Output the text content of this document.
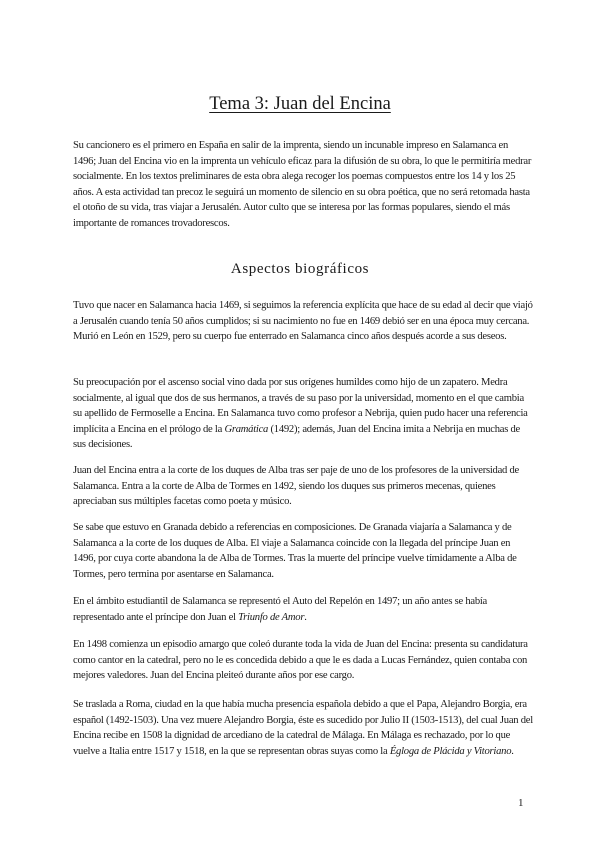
Tema 3: Juan del Encina

Su cancionero es el primero en España en salir de la imprenta, siendo un incunable impreso en Salamanca en 1496; Juan del Encina vio en la imprenta un vehículo eficaz para la difusión de su obra, lo que le permitiría medrar socialmente. En los textos preliminares de esta obra alega recoger los poemas compuestos entre los 14 y los 25 años. A esta actividad tan precoz le seguirá un momento de silencio en su obra poética, que no será retomada hasta el otoño de su vida, tras viajar a Jerusalén. Autor culto que se interesa por las formas populares, siendo el más importante de romances trovadorescos.

Aspectos biográficos

Tuvo que nacer en Salamanca hacia 1469, si seguimos la referencia explícita que hace de su edad al decir que viajó a Jerusalén cuando tenía 50 años cumplidos; si su nacimiento no fue en 1469 debió ser en una época muy cercana. Murió en León en 1529, pero su cuerpo fue enterrado en Salamanca cinco años después acorde a sus deseos.

Su preocupación por el ascenso social vino dada por sus orígenes humildes como hijo de un zapatero. Medra socialmente, al igual que dos de sus hermanos, a través de su paso por la universidad, momento en el que cambia su apellido de Fermoselle a Encina. En Salamanca tuvo como profesor a Nebrija, quien pudo hacer una referencia implícita a Encina en el prólogo de la Gramática (1492); además, Juan del Encina imita a Nebrija en muchas de sus decisiones.

Juan del Encina entra a la corte de los duques de Alba tras ser paje de uno de los profesores de la universidad de Salamanca. Entra a la corte de Alba de Tormes en 1492, siendo los duques sus primeros mecenas, quienes apreciaban sus múltiples facetas como poeta y músico.

Se sabe que estuvo en Granada debido a referencias en composiciones. De Granada viajaría a Salamanca y de Salamanca a la corte de los duques de Alba. El viaje a Salamanca coincide con la llegada del príncipe Juan en 1496, por cuya corte abandona la de Alba de Tormes. Tras la muerte del príncipe vuelve tímidamente a Alba de Tormes, pero termina por asentarse en Salamanca.

En el ámbito estudiantil de Salamanca se representó el Auto del Repelón en 1497; un año antes se había representado ante el príncipe don Juan el Triunfo de Amor.

En 1498 comienza un episodio amargo que coleó durante toda la vida de Juan del Encina: presenta su candidatura como cantor en la catedral, pero no le es concedida debido a que le es dada a Lucas Fernández, quien contaba con mejores valedores. Juan del Encina pleiteó durante años por ese cargo.

Se traslada a Roma, ciudad en la que había mucha presencia española debido a que el Papa, Alejandro Borgia, era español (1492-1503). Una vez muere Alejandro Borgia, éste es sucedido por Julio II (1503-1513), del cual Juan del Encina recibe en 1508 la dignidad de arcediano de la catedral de Málaga. En Málaga es rechazado, por lo que vuelve a Italia entre 1517 y 1518, en la que se representan obras suyas como la Égloga de Plácida y Vitoriano.

1
